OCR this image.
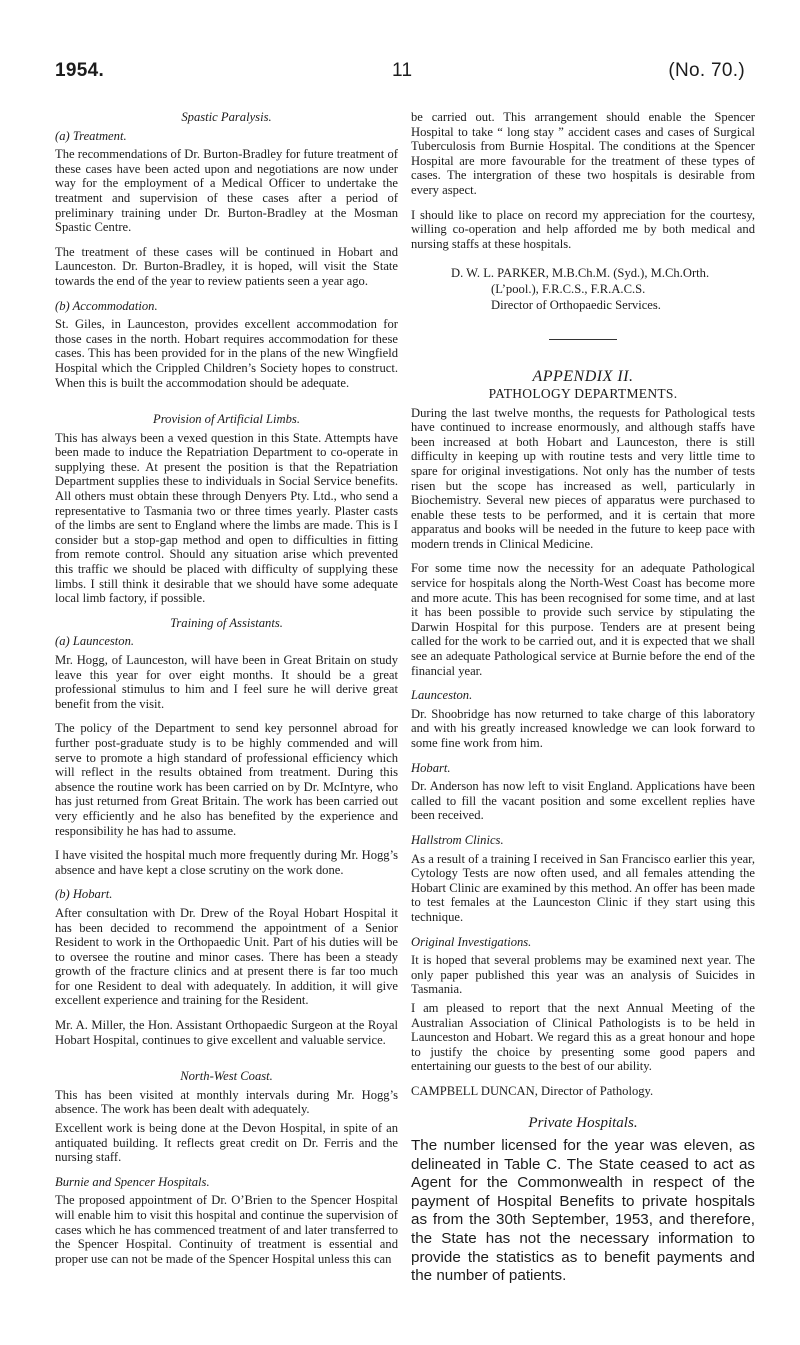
1954.	11	(No. 70.)
Spastic Paralysis.
(a) Treatment.

The recommendations of Dr. Burton-Bradley for future treatment of these cases have been acted upon and negotiations are now under way for the employment of a Medical Officer to undertake the treatment and supervision of these cases after a period of preliminary training under Dr. Burton-Bradley at the Mosman Spastic Centre.

The treatment of these cases will be continued in Hobart and Launceston. Dr. Burton-Bradley, it is hoped, will visit the State towards the end of the year to review patients seen a year ago.

(b) Accommodation.

St. Giles, in Launceston, provides excellent accommodation for those cases in the north. Hobart requires accommodation for these cases. This has been provided for in the plans of the new Wingfield Hospital which the Crippled Children’s Society hopes to construct. When this is built the accommodation should be adequate.

Provision of Artificial Limbs.

This has always been a vexed question in this State. Attempts have been made to induce the Repatriation Department to co-operate in supplying these. At present the position is that the Repatriation Department supplies these to individuals in Social Service benefits. All others must obtain these through Denyers Pty. Ltd., who send a representative to Tasmania two or three times yearly. Plaster casts of the limbs are sent to England where the limbs are made. This is I consider but a stop-gap method and open to difficulties in fitting from remote control. Should any situation arise which prevented this traffic we should be placed with difficulty of supplying these limbs. I still think it desirable that we should have some adequate local limb factory, if possible.

Training of Assistants.
(a) Launceston.

Mr. Hogg, of Launceston, will have been in Great Britain on study leave this year for over eight months. It should be a great professional stimulus to him and I feel sure he will derive great benefit from the visit.

The policy of the Department to send key personnel abroad for further post-graduate study is to be highly commended and will serve to promote a high standard of professional efficiency which will reflect in the results obtained from treatment. During this absence the routine work has been carried on by Dr. McIntyre, who has just returned from Great Britain. The work has been carried out very efficiently and he also has benefited by the experience and responsibility he has had to assume.

I have visited the hospital much more frequently during Mr. Hogg’s absence and have kept a close scrutiny on the work done.

(b) Hobart.

After consultation with Dr. Drew of the Royal Hobart Hospital it has been decided to recommend the appointment of a Senior Resident to work in the Orthopaedic Unit. Part of his duties will be to oversee the routine and minor cases. There has been a steady growth of the fracture clinics and at present there is far too much for one Resident to deal with adequately. In addition, it will give excellent experience and training for the Resident.

Mr. A. Miller, the Hon. Assistant Orthopaedic Surgeon at the Royal Hobart Hospital, continues to give excellent and valuable service.

North-West Coast.

This has been visited at monthly intervals during Mr. Hogg’s absence. The work has been dealt with adequately.

Excellent work is being done at the Devon Hospital, in spite of an antiquated building. It reflects great credit on Dr. Ferris and the nursing staff.

Burnie and Spencer Hospitals.

The proposed appointment of Dr. O’Brien to the Spencer Hospital will enable him to visit this hospital and continue the supervision of cases which he has commenced treatment of and later transferred to the Spencer Hospital. Continuity of treatment is essential and proper use can not be made of the Spencer Hospital unless this can

be carried out. This arrangement should enable the Spencer Hospital to take “ long stay ” accident cases and cases of Surgical Tuberculosis from Burnie Hospital. The conditions at the Spencer Hospital are more favourable for the treatment of these types of cases. The intergration of these two hospitals is desirable from every aspect.

I should like to place on record my appreciation for the courtesy, willing co-operation and help afforded me by both medical and nursing staffs at these hospitals.

D. W. L. PARKER, M.B.Ch.M. (Syd.), M.Ch.Orth.
(L’pool.), F.R.C.S., F.R.A.C.S.
Director of Orthopaedic Services.
APPENDIX II.
PATHOLOGY DEPARTMENTS.

During the last twelve months, the requests for Pathological tests have continued to increase enormously, and although staffs have been increased at both Hobart and Launceston, there is still difficulty in keeping up with routine tests and very little time to spare for original investigations. Not only has the number of tests risen but the scope has increased as well, particularly in Biochemistry. Several new pieces of apparatus were purchased to enable these tests to be performed, and it is certain that more apparatus and books will be needed in the future to keep pace with modern trends in Clinical Medicine.

For some time now the necessity for an adequate Pathological service for hospitals along the North-West Coast has become more and more acute. This has been recognised for some time, and at last it has been possible to provide such service by stipulating the Darwin Hospital for this purpose. Tenders are at present being called for the work to be carried out, and it is expected that we shall see an adequate Pathological service at Burnie before the end of the financial year.

Launceston.

Dr. Shoobridge has now returned to take charge of this laboratory and with his greatly increased knowledge we can look forward to some fine work from him.

Hobart.

Dr. Anderson has now left to visit England. Applications have been called to fill the vacant position and some excellent replies have been received.

Hallstrom Clinics.

As a result of a training I received in San Francisco earlier this year, Cytology Tests are now often used, and all females attending the Hobart Clinic are examined by this method. An offer has been made to test females at the Launceston Clinic if they start using this technique.

Original Investigations.

It is hoped that several problems may be examined next year. The only paper published this year was an analysis of Suicides in Tasmania.

I am pleased to report that the next Annual Meeting of the Australian Association of Clinical Pathologists is to be held in Launceston and Hobart. We regard this as a great honour and hope to justify the choice by presenting some good papers and entertaining our guests to the best of our ability.

CAMPBELL DUNCAN, Director of Pathology.
Private Hospitals.
The number licensed for the year was eleven, as delineated in Table C. The State ceased to act as Agent for the Commonwealth in respect of the payment of Hospital Benefits to private hospitals as from the 30th September, 1953, and therefore, the State has not the necessary information to provide the statistics as to benefit payments and the number of patients.
